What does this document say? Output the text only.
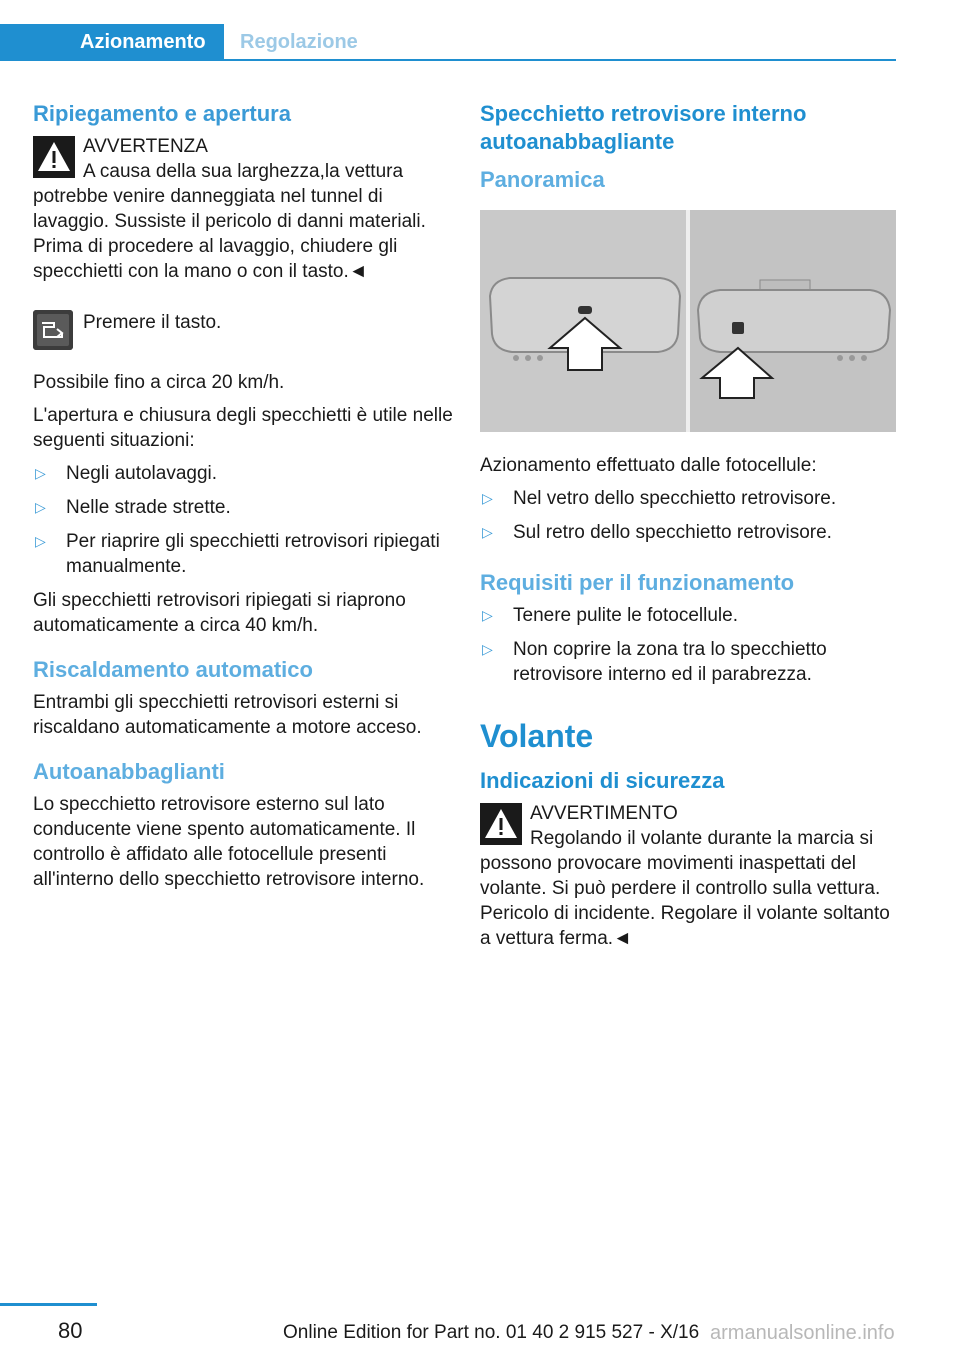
Azionamento	Regolazione
Ripiegamento e apertura
AVVERTENZA
A causa della sua larghezza,la vettura potrebbe venire danneggiata nel tunnel di lavaggio. Sussiste il pericolo di danni materiali. Prima di procedere al lavaggio, chiudere gli specchietti con la mano o con il tasto.◄
Premere il tasto.

Possibile fino a circa 20 km/h.

L'apertura e chiusura degli specchietti è utile nelle seguenti situazioni:

▷ Negli autolavaggi.
▷ Nelle strade strette.
▷ Per riaprire gli specchietti retrovisori ripiegati manualmente.

Gli specchietti retrovisori ripiegati si riaprono automaticamente a circa 40 km/h.

Riscaldamento automatico

Entrambi gli specchietti retrovisori esterni si riscaldano automaticamente a motore acceso.

Autoanabbaglianti

Lo specchietto retrovisore esterno sul lato conducente viene spento automaticamente. Il controllo è affidato alle fotocellule presenti all'interno dello specchietto retrovisore interno.

Specchietto retrovisore interno autoanabbagliante
Panoramica

Azionamento effettuato dalle fotocellule:

▷ Nel vetro dello specchietto retrovisore.
▷ Sul retro dello specchietto retrovisore.
Requisiti per il funzionamento
▷ Tenere pulite le fotocellule.
▷ Non coprire la zona tra lo specchietto retrovisore interno ed il parabrezza.
Volante
Indicazioni di sicurezza
AVVERTIMENTO
Regolando il volante durante la marcia si possono provocare movimenti inaspettati del volante. Si può perdere il controllo sulla vettura. Pericolo di incidente. Regolare il volante soltanto a vettura ferma.◄
80	Online Edition for Part no. 01 40 2 915 527 - X/16 armanualsonline.info
